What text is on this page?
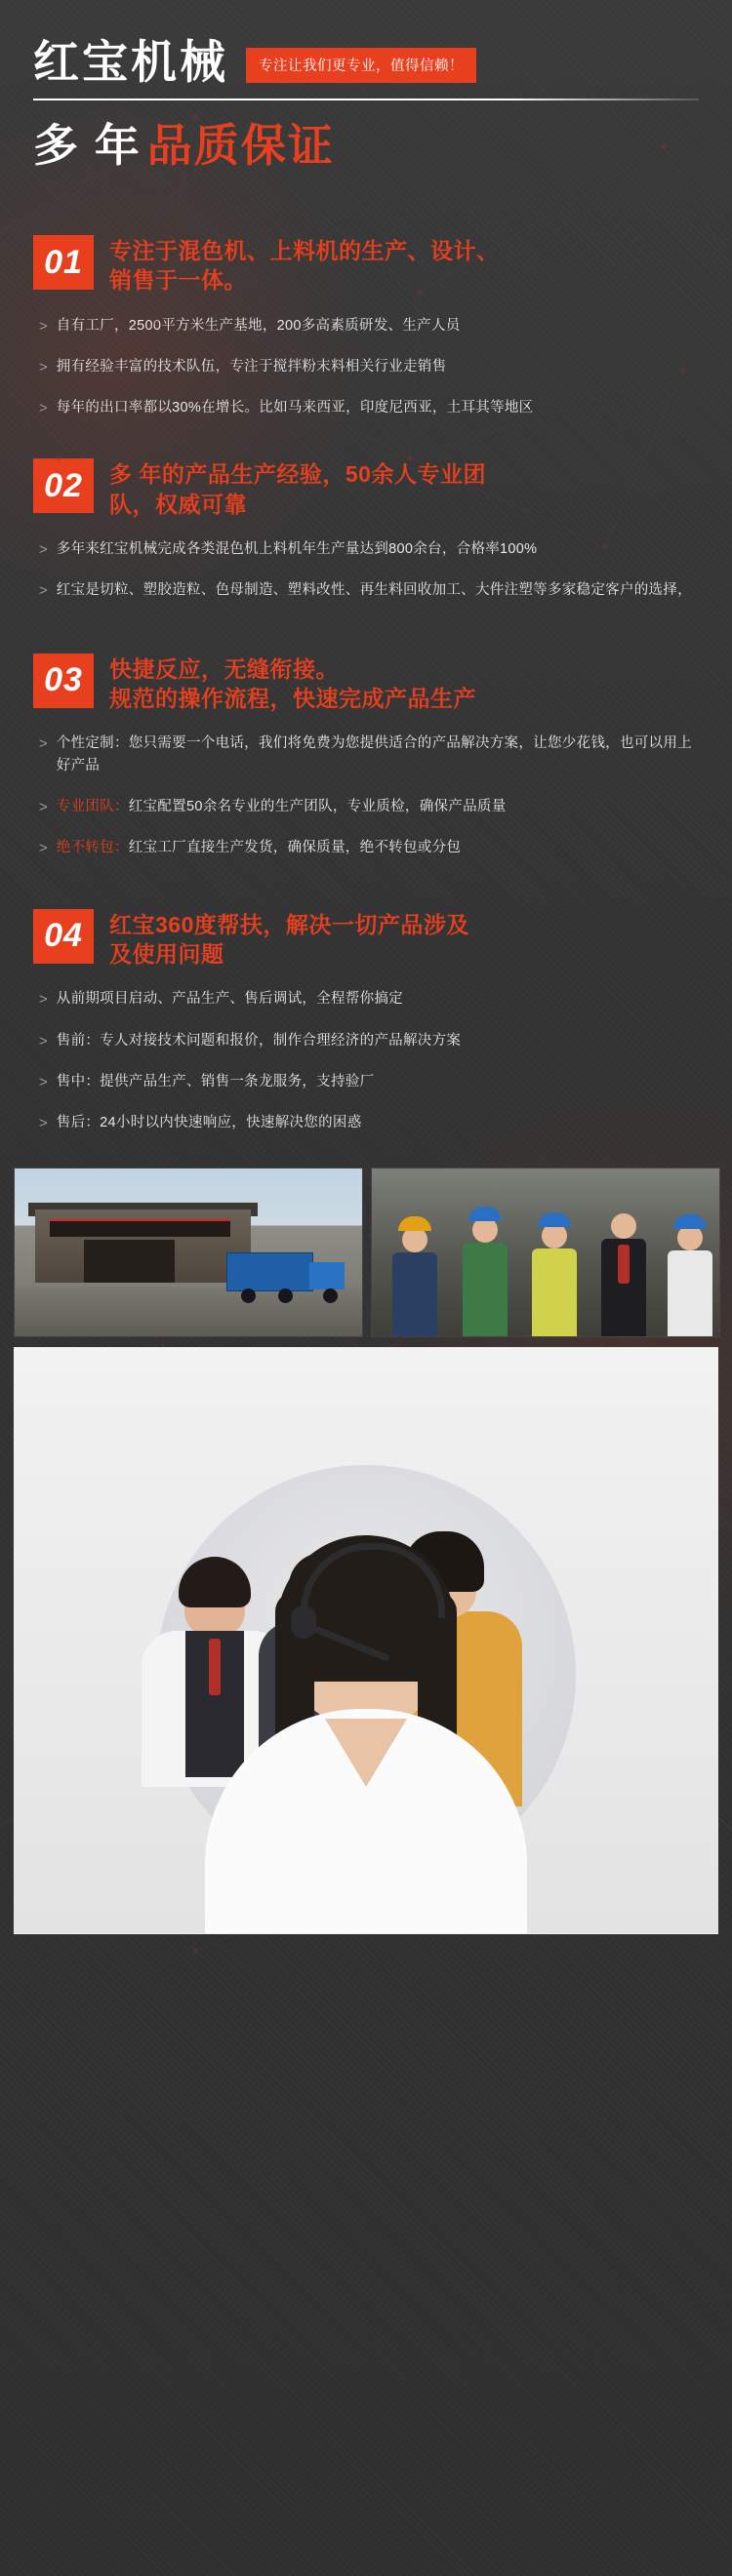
红宝机械	专注让我们更专业，值得信赖！
多 年 品质保证
01	专注于混色机、上料机的生产、设计、
销售于一体。
> 自有工厂，2500平方米生产基地，200多高素质研发、生产人员
> 拥有经验丰富的技术队伍，专注于搅拌粉末料相关行业走销售
> 每年的出口率都以30%在增长。比如马来西亚，印度尼西亚，土耳其等地区
02	多 年的产品生产经验，50余人专业团
队，权威可靠
> 多年来红宝机械完成各类混色机上料机年生产量达到800余台，合格率100%
> 红宝是切粒、塑胶造粒、色母制造、塑料改性、再生料回收加工、大件注塑等多家稳定客户的选择，
03	快捷反应，无缝衔接。
规范的操作流程，快速完成产品生产
> 个性定制：您只需要一个电话，我们将免费为您提供适合的产品解决方案，让您少花钱，也可以用上好产品
> 专业团队：红宝配置50余名专业的生产团队，专业质检，确保产品质量
> 绝不转包：红宝工厂直接生产发货，确保质量，绝不转包或分包
04	红宝360度帮扶，解决一切产品涉及
及使用问题
> 从前期项目启动、产品生产、售后调试，全程帮你搞定
> 售前：专人对接技术问题和报价，制作合理经济的产品解决方案
> 售中：提供产品生产、销售一条龙服务，支持验厂
> 售后：24小时以内快速响应，快速解决您的困惑
